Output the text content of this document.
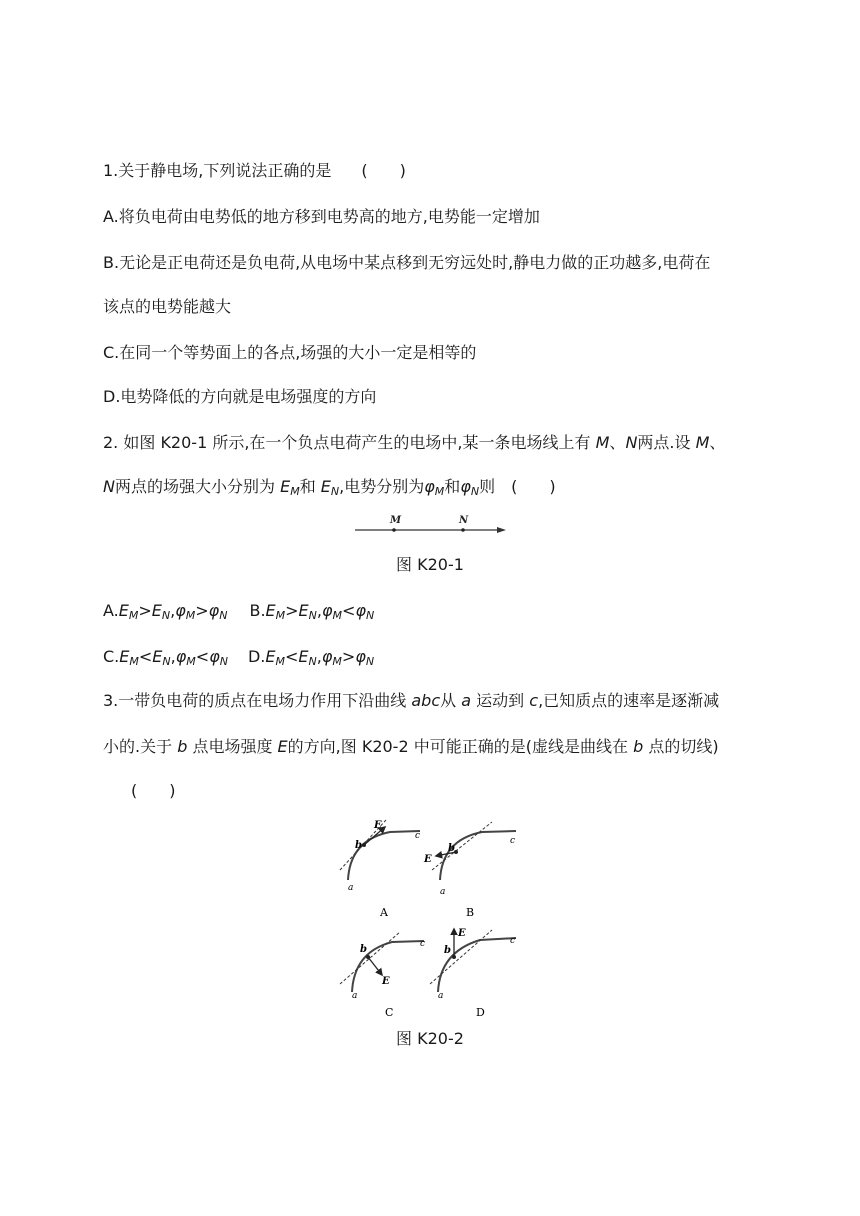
1.关于静电场,下列说法正确的是 (　　)
A.将负电荷由电势低的地方移到电势高的地方,电势能一定增加
B.无论是正电荷还是负电荷,从电场中某点移到无穷远处时,静电力做的正功越多,电荷在
该点的电势能越大
C.在同一个等势面上的各点,场强的大小一定是相等的
D.电势降低的方向就是电场强度的方向
2. 如图 K20-1 所示,在一个负点电荷产生的电场中,某一条电场线上有 M、N两点.设 M、
N两点的场强大小分别为 $E_M$和 $E_N$,电势分别为$\varphi_M$和$\varphi_N$则 (　　)
M	N
图 K20-1
$A.E_M>E_N,\varphi_M>\varphi_N$ $B.E_M>E_N,\varphi_M<\varphi_N$
$C.E_M<E_N,\varphi_M<\varphi_N$ $D.E_M<E_N,\varphi_M>\varphi_N$
3.一带负电荷的质点在电场力作用下沿曲线 abc从 a 运动到 c,已知质点的速率是逐渐减
小的.关于 b 点电场强度 E的方向,图 K20-2 中可能正确的是(虚线是曲线在 b 点的切线)
(　　)
E
b
c
a
A
E
b
c
a
B
E
b	c
a
C
E
b
c
a
D
图 K20-2
